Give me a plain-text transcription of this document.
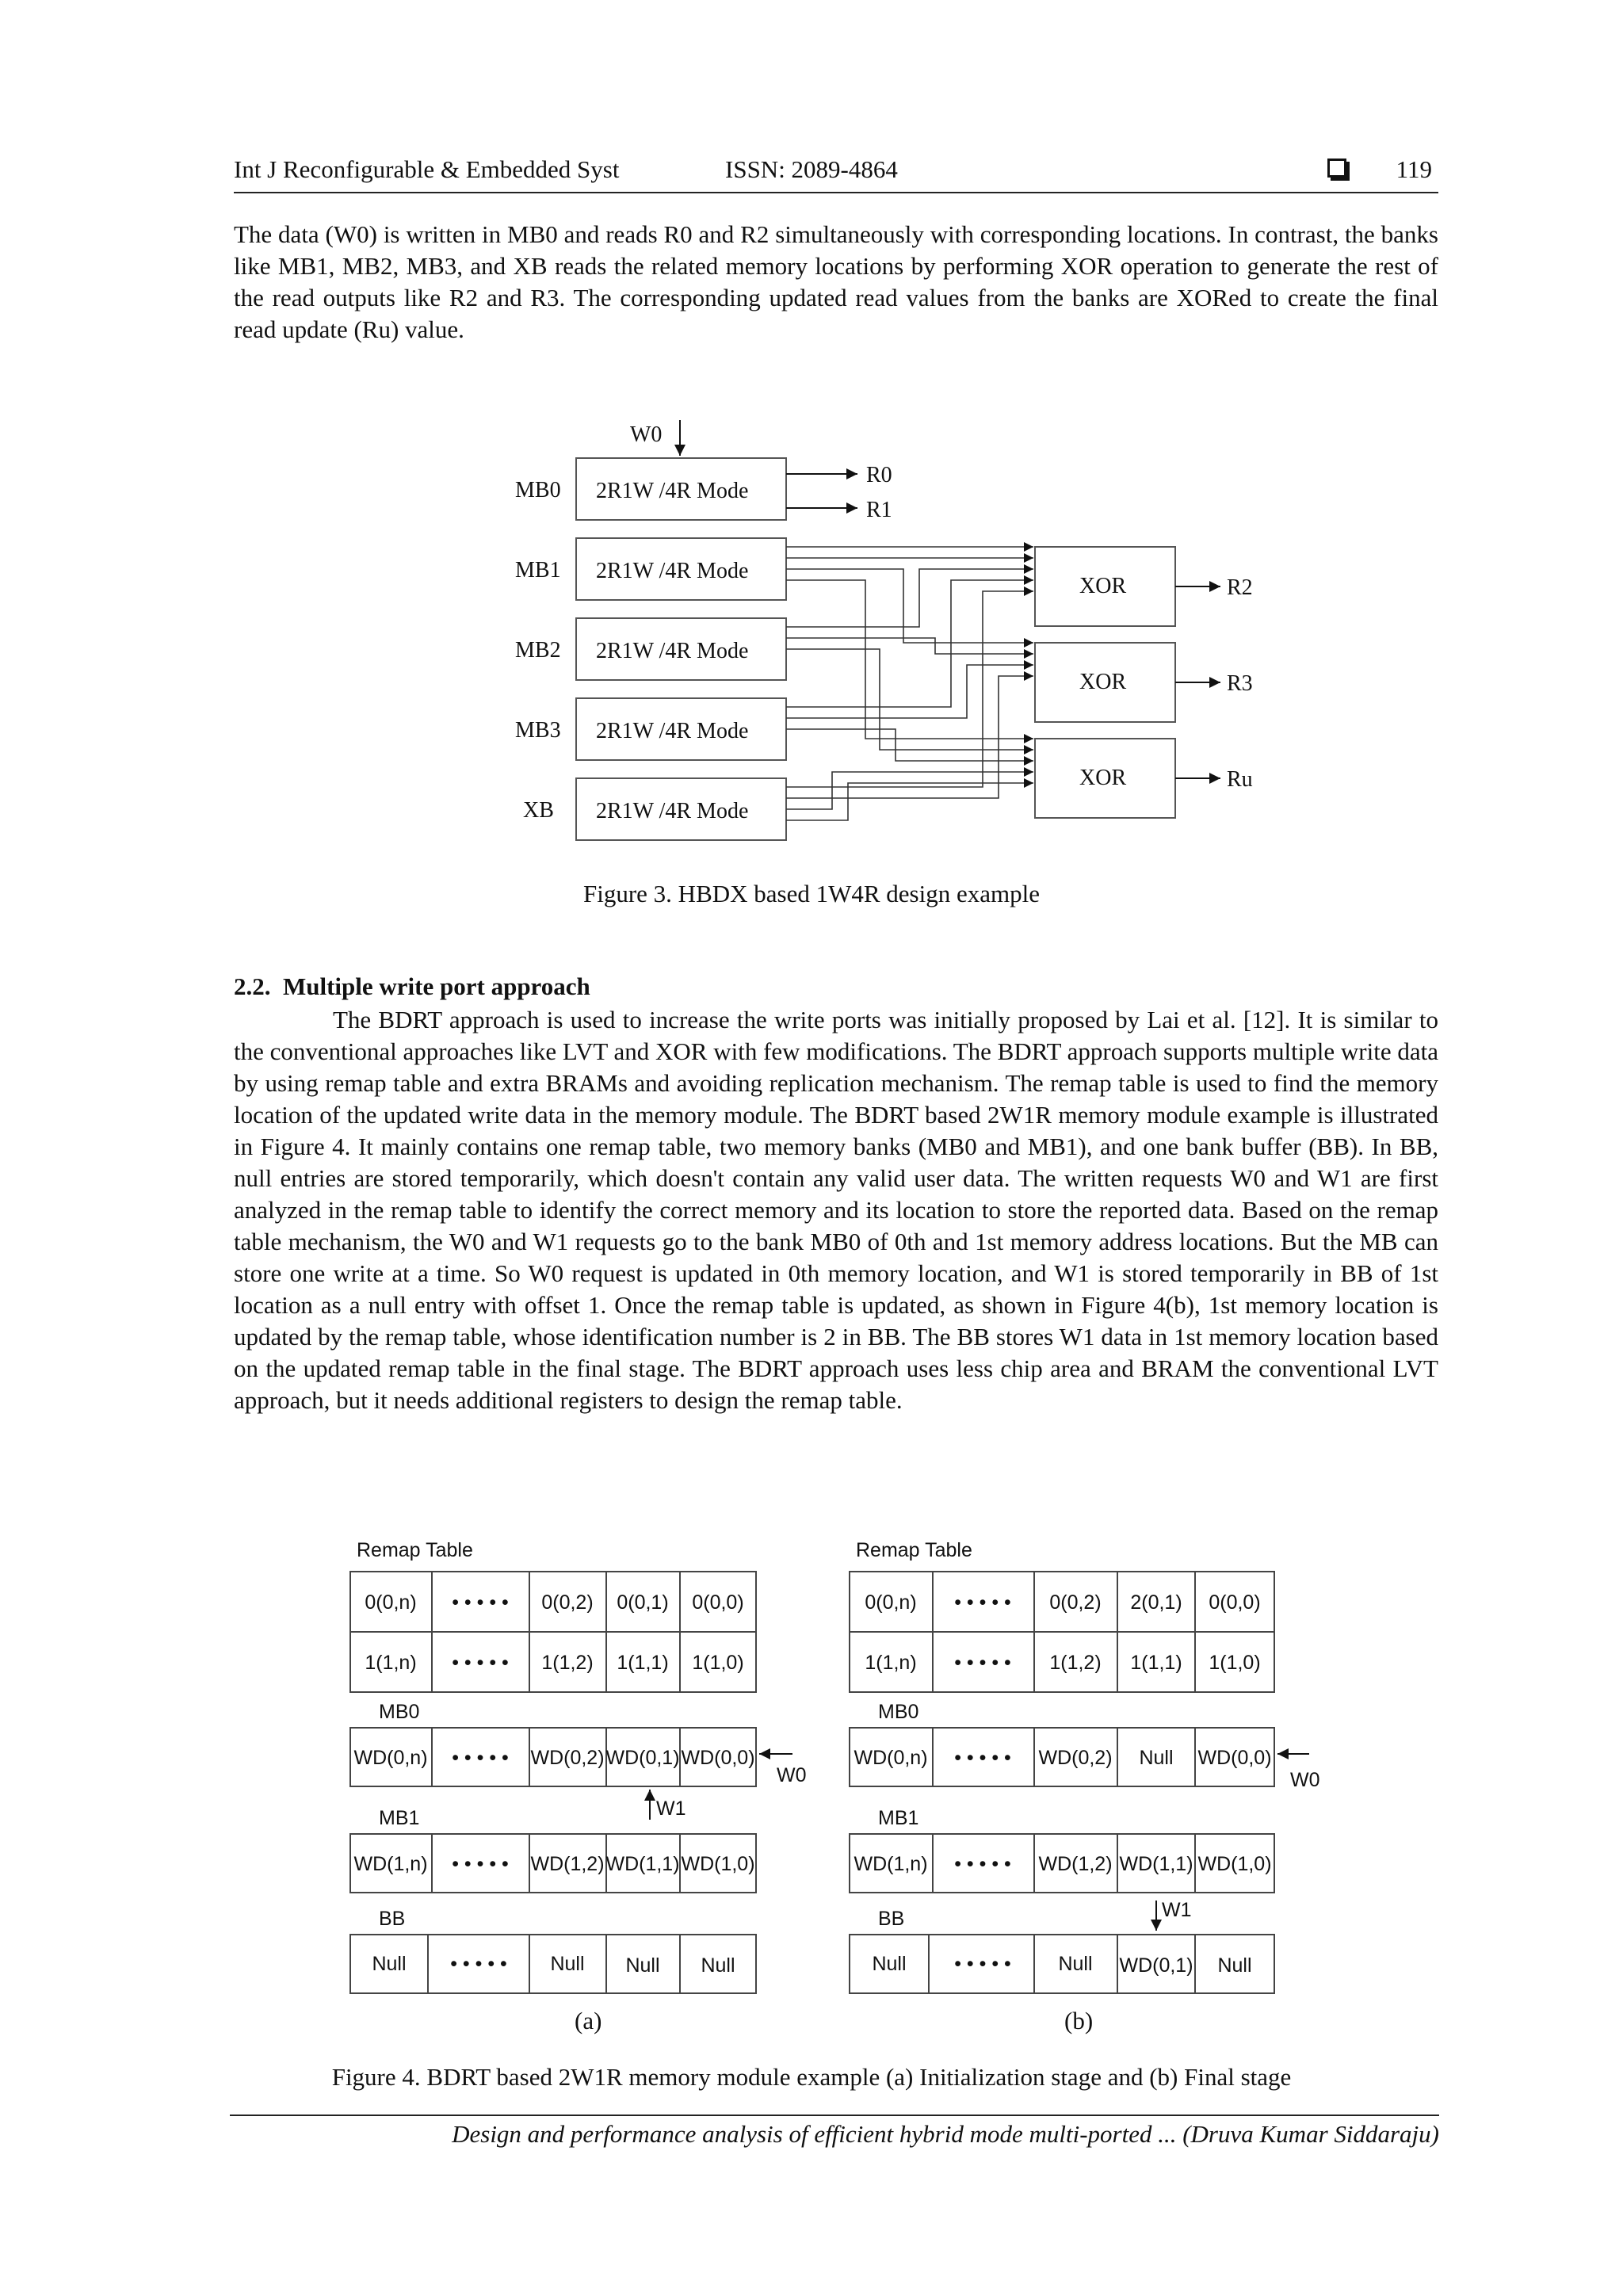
Int J Reconfigurable & Embedded Syst	ISSN: 2089-4864	119

The data (W0) is written in MB0 and reads R0 and R2 simultaneously with corresponding locations. In contrast, the banks like MB1, MB2, MB3, and XB reads the related memory locations by performing XOR operation to generate the rest of the read outputs like R2 and R3. The corresponding updated read values from the banks are XORed to create the final read update (Ru) value.

W0
MB0
MB1
MB2
MB3
XB
2R1W /4R Mode
2R1W /4R Mode
2R1W /4R Mode
2R1W /4R Mode
2R1W /4R Mode
R0
R1
XOR
XOR
XOR
R2
R3
Ru

Figure 3. HBDX based 1W4R design example

2.2. Multiple write port approach

The BDRT approach is used to increase the write ports was initially proposed by Lai et al. [12]. It is similar to the conventional approaches like LVT and XOR with few modifications. The BDRT approach supports multiple write data by using remap table and extra BRAMs and avoiding replication mechanism. The remap table is used to find the memory location of the updated write data in the memory module. The BDRT based 2W1R memory module example is illustrated in Figure 4. It mainly contains one remap table, two memory banks (MB0 and MB1), and one bank buffer (BB). In BB, null entries are stored temporarily, which doesn't contain any valid user data. The written requests W0 and W1 are first analyzed in the remap table to identify the correct memory and its location to store the reported data. Based on the remap table mechanism, the W0 and W1 requests go to the bank MB0 of 0th and 1st memory address locations. But the MB can store one write at a time. So W0 request is updated in 0th memory location, and W1 is stored temporarily in BB of 1st location as a null entry with offset 1. Once the remap table is updated, as shown in Figure 4(b), 1st memory location is updated by the remap table, whose identification number is 2 in BB. The BB stores W1 data in 1st memory location based on the updated remap table in the final stage. The BDRT approach uses less chip area and BRAM the conventional LVT approach, but it needs additional registers to design the remap table.

Remap Table
0(0,n) • • • • • 0(0,2) 0(0,1) 0(0,0)
1(1,n) • • • • • 1(1,2) 1(1,1) 1(1,0)
WD(0,n) • • • • • WD(0,2) WD(0,1) WD(0,0)
WD(1,n) • • • • • WD(1,2) WD(1,1) WD(1,0)
Null • • • • • Null Null Null
MB0
MB1
BB
W0
W1
(a)
Remap Table
0(0,n) • • • • • 0(0,2) 2(0,1) 0(0,0)
1(1,n) • • • • • 1(1,2) 1(1,1) 1(1,0)
WD(0,n) • • • • • WD(0,2) Null WD(0,0)
WD(1,n) • • • • • WD(1,2) WD(1,1) WD(1,0)
Null • • • • • Null WD(0,1) Null
MB0
MB1
BB
W0
W1
(b)

Figure 4. BDRT based 2W1R memory module example (a) Initialization stage and (b) Final stage

Design and performance analysis of efficient hybrid mode multi-ported ... (Druva Kumar Siddaraju)
